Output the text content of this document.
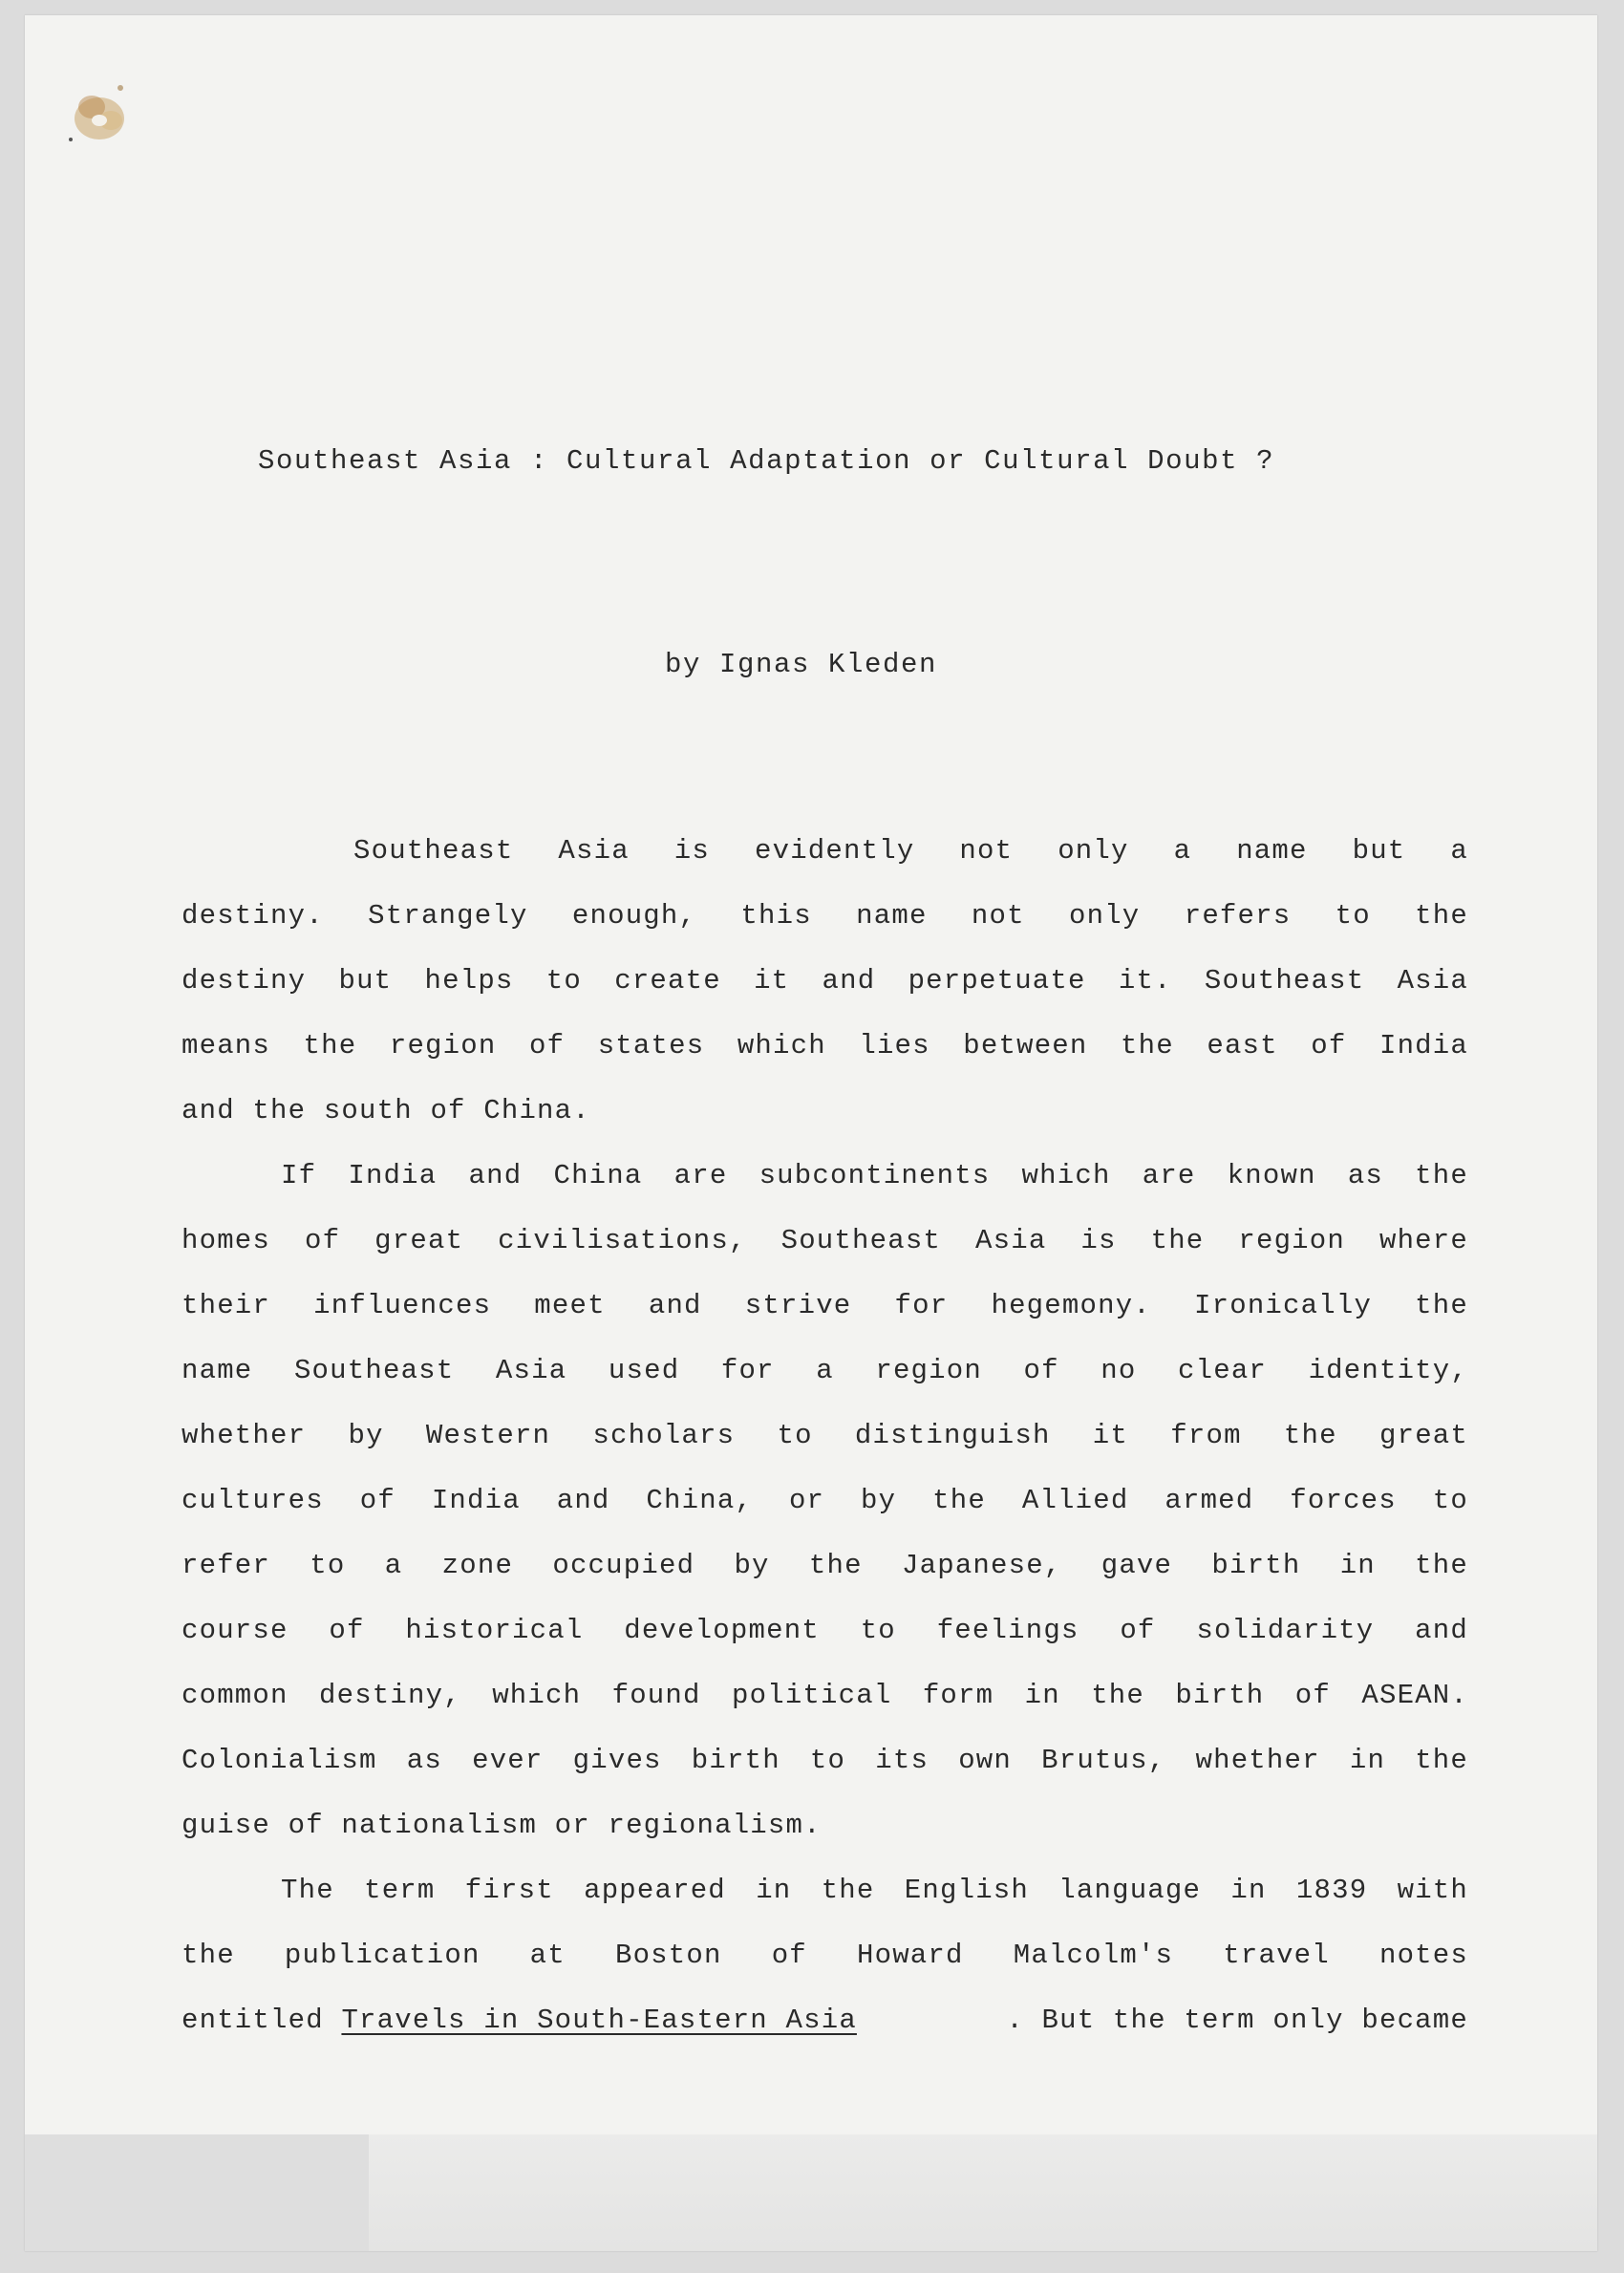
Southeast Asia : Cultural Adaptation or Cultural Doubt ?
by Ignas Kleden
Southeast Asia is evidently not only a name but a
destiny. Strangely enough, this name not only refers to the
destiny but helps to create it and perpetuate it. Southeast Asia
means the region of states which lies between the east of India
and the south of China.
If India and China are subcontinents which are known as the
homes of great civilisations, Southeast Asia is the region where
their influences meet and strive for hegemony. Ironically the
name Southeast Asia used for a region of no clear identity,
whether by Western scholars to distinguish it from the great
cultures of India and China, or by the Allied armed forces to
refer to a zone occupied by the Japanese, gave birth in the
course of historical development to feelings of solidarity and
common destiny, which found political form in the birth of ASEAN.
Colonialism as ever gives birth to its own Brutus, whether in the
guise of nationalism or regionalism.
The term first appeared in the English language in 1839 with
the publication at Boston of Howard Malcolm's travel notes
entitled Travels in South-Eastern Asia	. But the term only became
